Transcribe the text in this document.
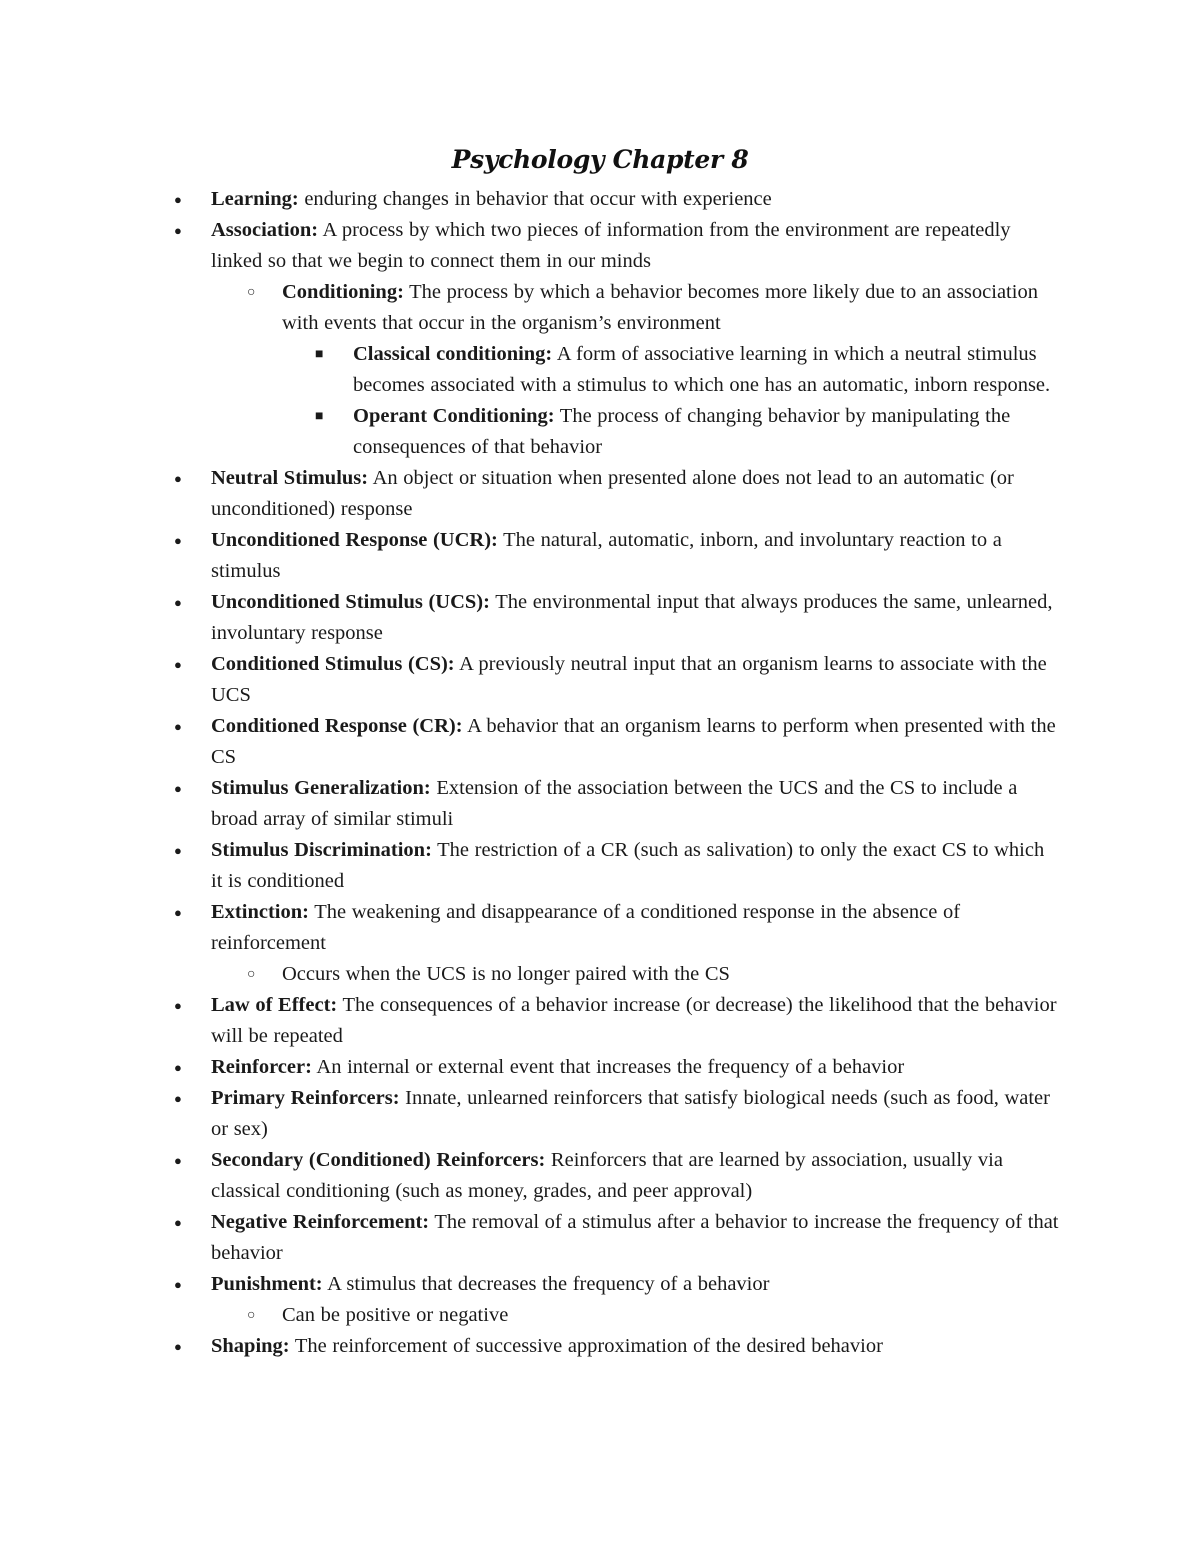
Psychology Chapter 8
● Learning: enduring changes in behavior that occur with experience
● Association: A process by which two pieces of information from the environment are repeatedly linked so that we begin to connect them in our minds
○ Conditioning: The process by which a behavior becomes more likely due to an association with events that occur in the organism’s environment
■ Classical conditioning: A form of associative learning in which a neutral stimulus becomes associated with a stimulus to which one has an automatic, inborn response.
■ Operant Conditioning: The process of changing behavior by manipulating the consequences of that behavior
● Neutral Stimulus: An object or situation when presented alone does not lead to an automatic (or unconditioned) response
● Unconditioned Response (UCR): The natural, automatic, inborn, and involuntary reaction to a stimulus
● Unconditioned Stimulus (UCS): The environmental input that always produces the same, unlearned, involuntary response
● Conditioned Stimulus (CS): A previously neutral input that an organism learns to associate with the UCS
● Conditioned Response (CR): A behavior that an organism learns to perform when presented with the CS
● Stimulus Generalization: Extension of the association between the UCS and the CS to include a broad array of similar stimuli
● Stimulus Discrimination: The restriction of a CR (such as salivation) to only the exact CS to which it is conditioned
● Extinction: The weakening and disappearance of a conditioned response in the absence of reinforcement
○ Occurs when the UCS is no longer paired with the CS
● Law of Effect: The consequences of a behavior increase (or decrease) the likelihood that the behavior will be repeated
● Reinforcer: An internal or external event that increases the frequency of a behavior
● Primary Reinforcers: Innate, unlearned reinforcers that satisfy biological needs (such as food, water or sex)
● Secondary (Conditioned) Reinforcers: Reinforcers that are learned by association, usually via classical conditioning (such as money, grades, and peer approval)
● Negative Reinforcement: The removal of a stimulus after a behavior to increase the frequency of that behavior
● Punishment: A stimulus that decreases the frequency of a behavior
○ Can be positive or negative
● Shaping: The reinforcement of successive approximation of the desired behavior
